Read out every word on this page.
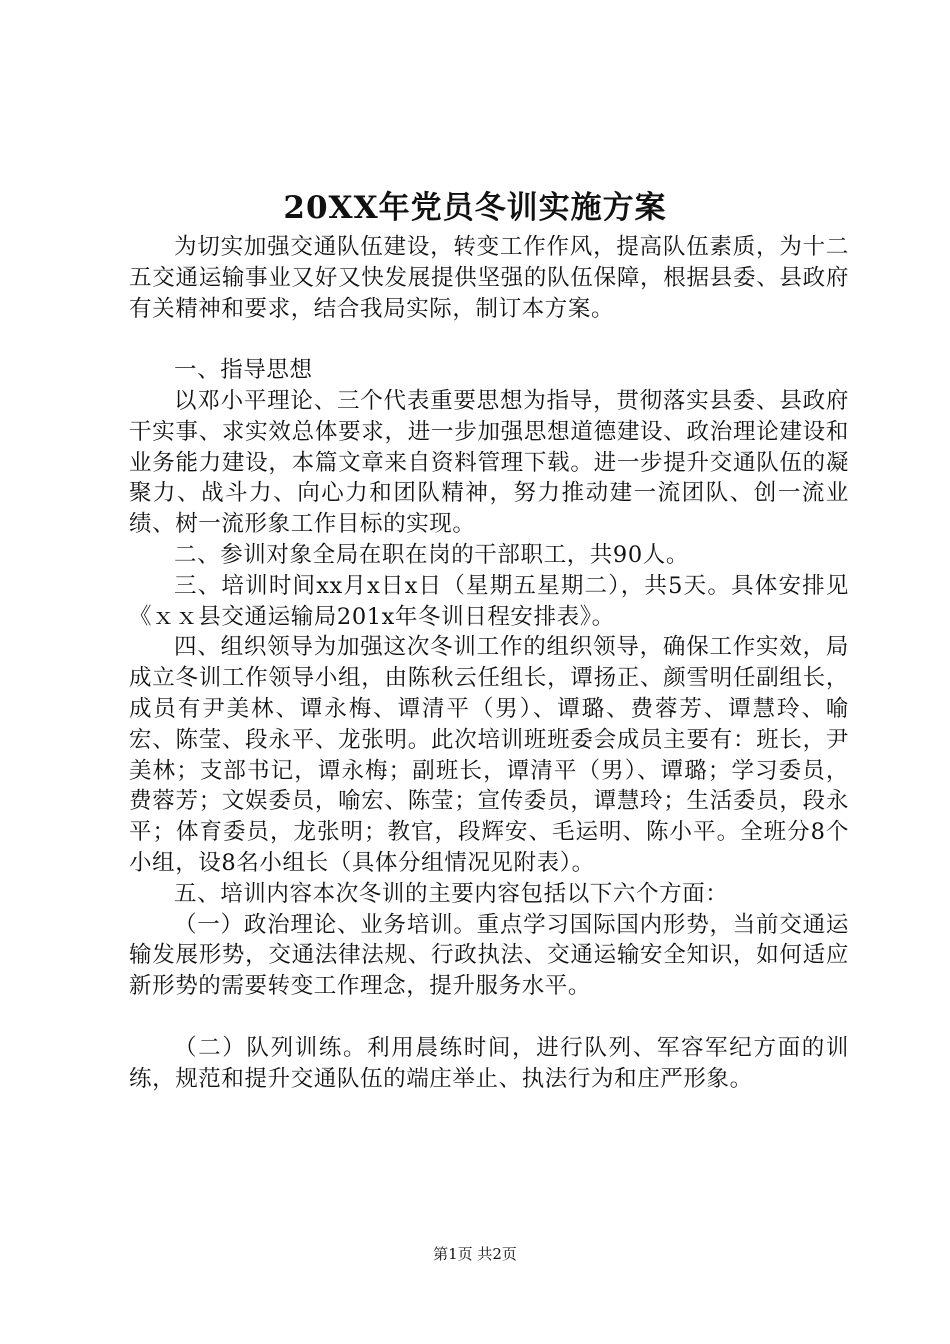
20XX年党员冬训实施方案

为切实加强交通队伍建设，转变工作作风，提高队伍素质，为十二五交通运输事业又好又快发展提供坚强的队伍保障，根据县委、县政府有关精神和要求，结合我局实际，制订本方案。

一、指导思想

以邓小平理论、三个代表重要思想为指导，贯彻落实县委、县政府干实事、求实效总体要求，进一步加强思想道德建设、政治理论建设和业务能力建设，本篇文章来自资料管理下载。进一步提升交通队伍的凝聚力、战斗力、向心力和团队精神，努力推动建一流团队、创一流业绩、树一流形象工作目标的实现。

二、参训对象全局在职在岗的干部职工，共90人。

三、培训时间xx月x日x日（星期五星期二），共5天。具体安排见《ｘｘ县交通运输局201x年冬训日程安排表》。

四、组织领导为加强这次冬训工作的组织领导，确保工作实效，局成立冬训工作领导小组，由陈秋云任组长，谭扬正、颜雪明任副组长，成员有尹美林、谭永梅、谭清平（男）、谭璐、费蓉芳、谭慧玲、喻宏、陈莹、段永平、龙张明。此次培训班班委会成员主要有：班长，尹美林；支部书记，谭永梅；副班长，谭清平（男）、谭璐；学习委员，费蓉芳；文娱委员，喻宏、陈莹；宣传委员，谭慧玲；生活委员，段永平；体育委员，龙张明；教官，段辉安、毛运明、陈小平。全班分8个小组，设8名小组长（具体分组情况见附表）。

五、培训内容本次冬训的主要内容包括以下六个方面：

（一）政治理论、业务培训。重点学习国际国内形势，当前交通运输发展形势，交通法律法规、行政执法、交通运输安全知识，如何适应新形势的需要转变工作理念，提升服务水平。

（二）队列训练。利用晨练时间，进行队列、军容军纪方面的训练，规范和提升交通队伍的端庄举止、执法行为和庄严形象。

第1页 共2页
